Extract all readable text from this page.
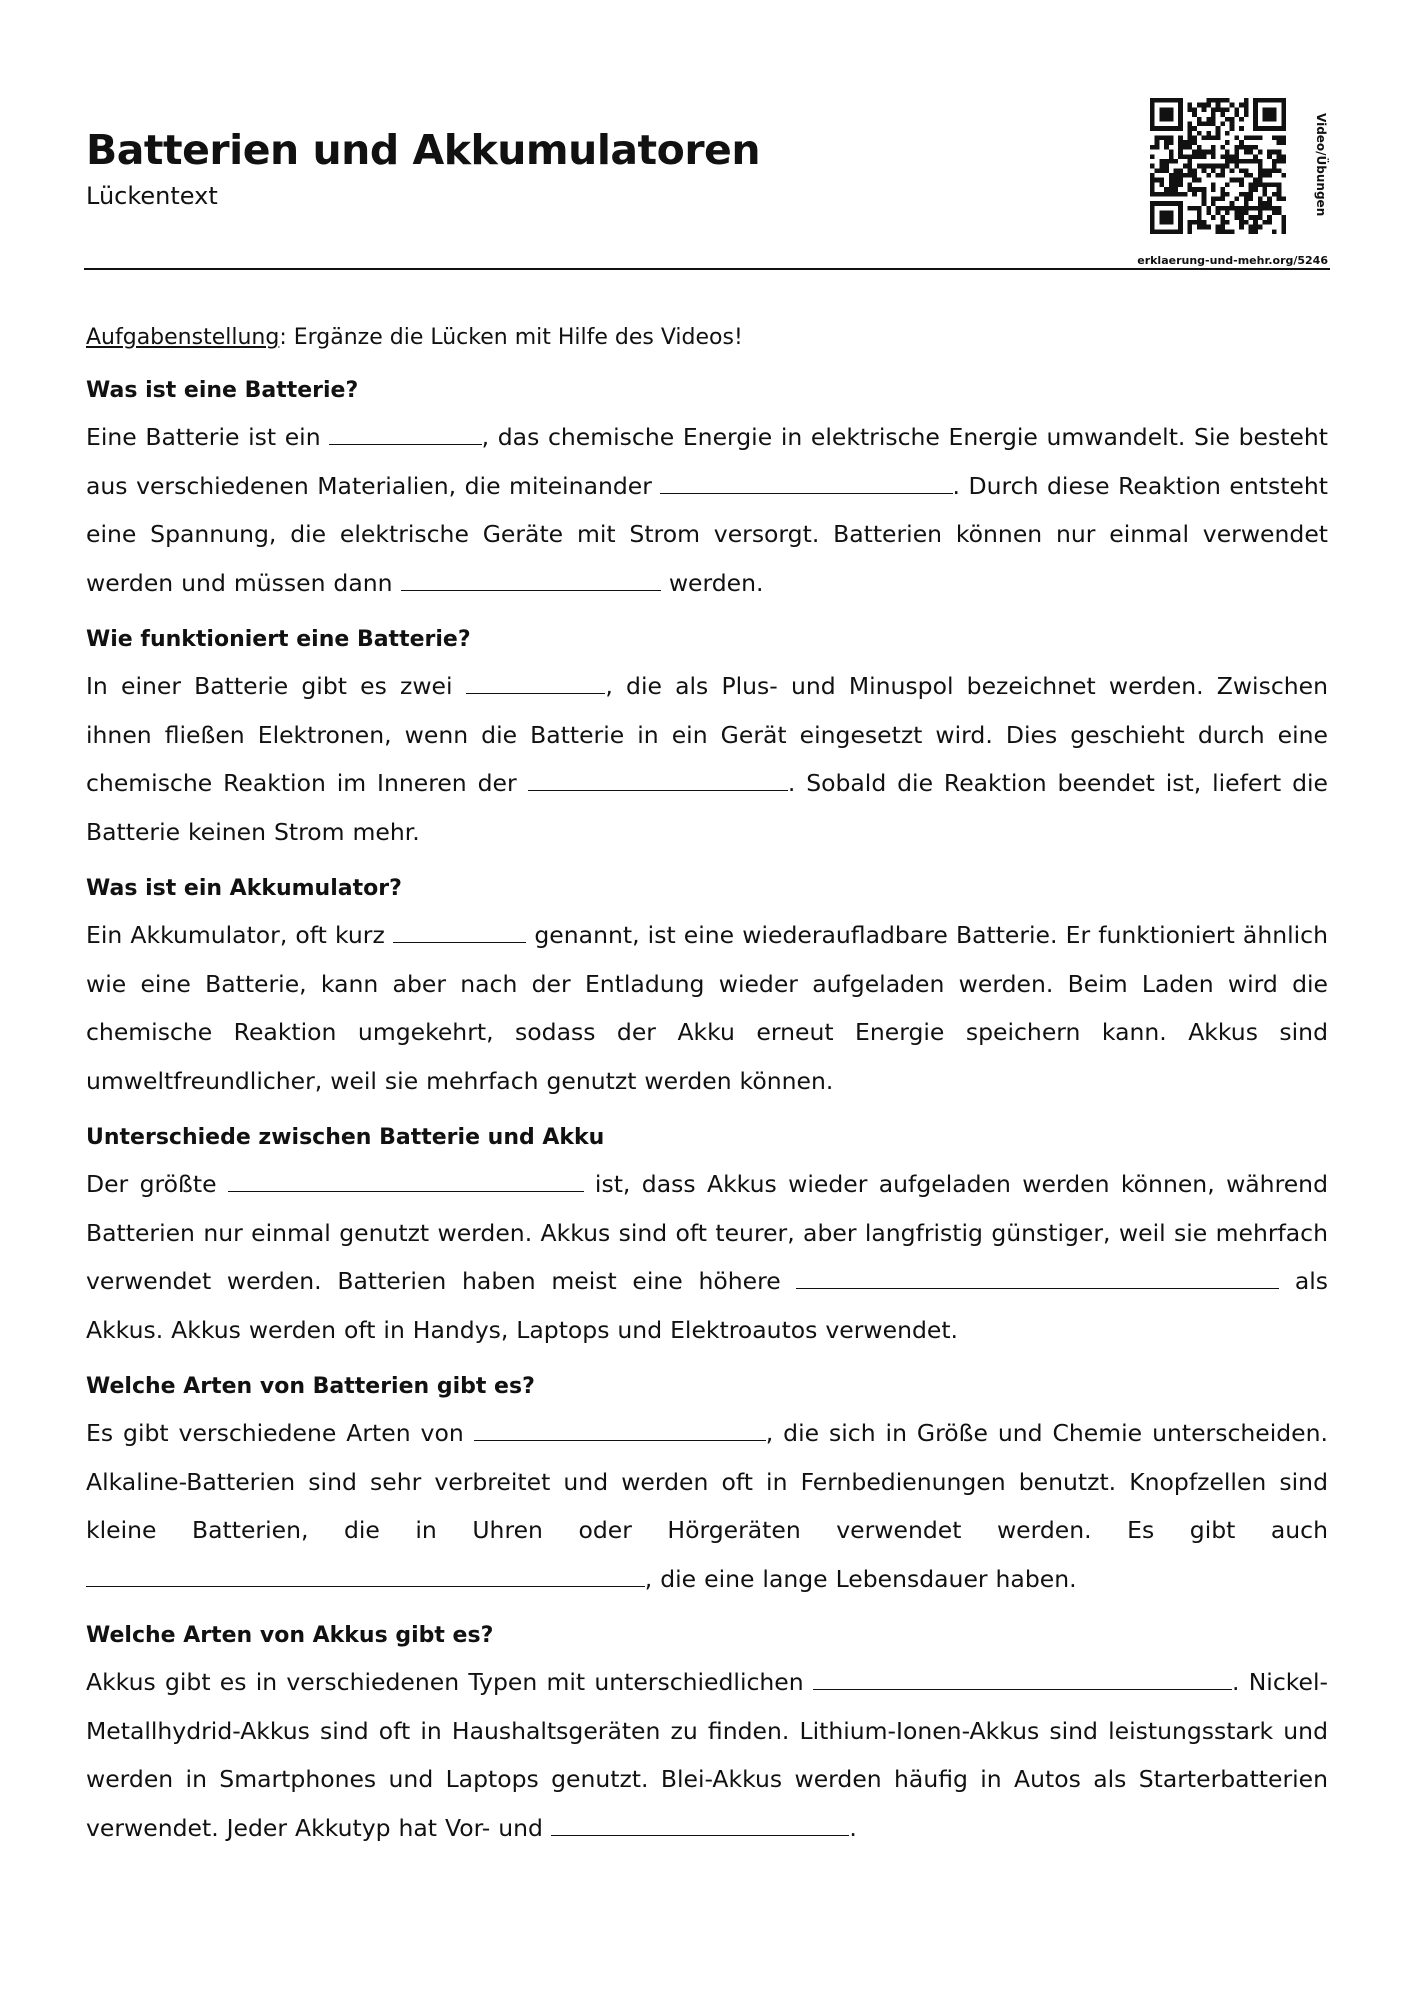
Batterien und Akkumulatoren
Lückentext	Video/Übungen
erklaerung-und-mehr.org/5246

Aufgabenstellung: Ergänze die Lücken mit Hilfe des Videos!

Was ist eine Batterie?

Eine Batterie ist ein	, das chemische Energie in elektrische Energie umwandelt. Sie besteht aus verschiedenen Materialien, die miteinander	. Durch diese Reaktion entsteht eine Spannung, die elektrische Geräte mit Strom versorgt. Batterien können nur einmal verwendet werden und müssen dann	werden.

Wie funktioniert eine Batterie?

In einer Batterie gibt es zwei	, die als Plus- und Minuspol bezeichnet werden. Zwischen ihnen fließen Elektronen, wenn die Batterie in ein Gerät eingesetzt wird. Dies geschieht durch eine chemische Reaktion im Inneren der	. Sobald die Reaktion beendet ist, liefert die Batterie keinen Strom mehr.

Was ist ein Akkumulator?

Ein Akkumulator, oft kurz	genannt, ist eine wiederaufladbare Batterie. Er funktioniert ähnlich wie eine Batterie, kann aber nach der Entladung wieder aufgeladen werden. Beim Laden wird die chemische Reaktion umgekehrt, sodass der Akku erneut Energie speichern kann. Akkus sind umweltfreundlicher, weil sie mehrfach genutzt werden können.

Unterschiede zwischen Batterie und Akku

Der größte	ist, dass Akkus wieder aufgeladen werden können, während Batterien nur einmal genutzt werden. Akkus sind oft teurer, aber langfristig günstiger, weil sie mehrfach verwendet werden. Batterien haben meist eine höhere	als Akkus. Akkus werden oft in Handys, Laptops und Elektroautos verwendet.

Welche Arten von Batterien gibt es?

Es gibt verschiedene Arten von	, die sich in Größe und Chemie unterscheiden. Alkaline-Batterien sind sehr verbreitet und werden oft in Fernbedienungen benutzt. Knopfzellen sind kleine Batterien, die in Uhren oder Hörgeräten verwendet werden. Es gibt auch , die eine lange Lebensdauer haben.

Welche Arten von Akkus gibt es?

Akkus gibt es in verschiedenen Typen mit unterschiedlichen	. Nickel-Metallhydrid-Akkus sind oft in Haushaltsgeräten zu finden. Lithium-Ionen-Akkus sind leistungsstark und werden in Smartphones und Laptops genutzt. Blei-Akkus werden häufig in Autos als Starterbatterien verwendet. Jeder Akkutyp hat Vor- und	.
